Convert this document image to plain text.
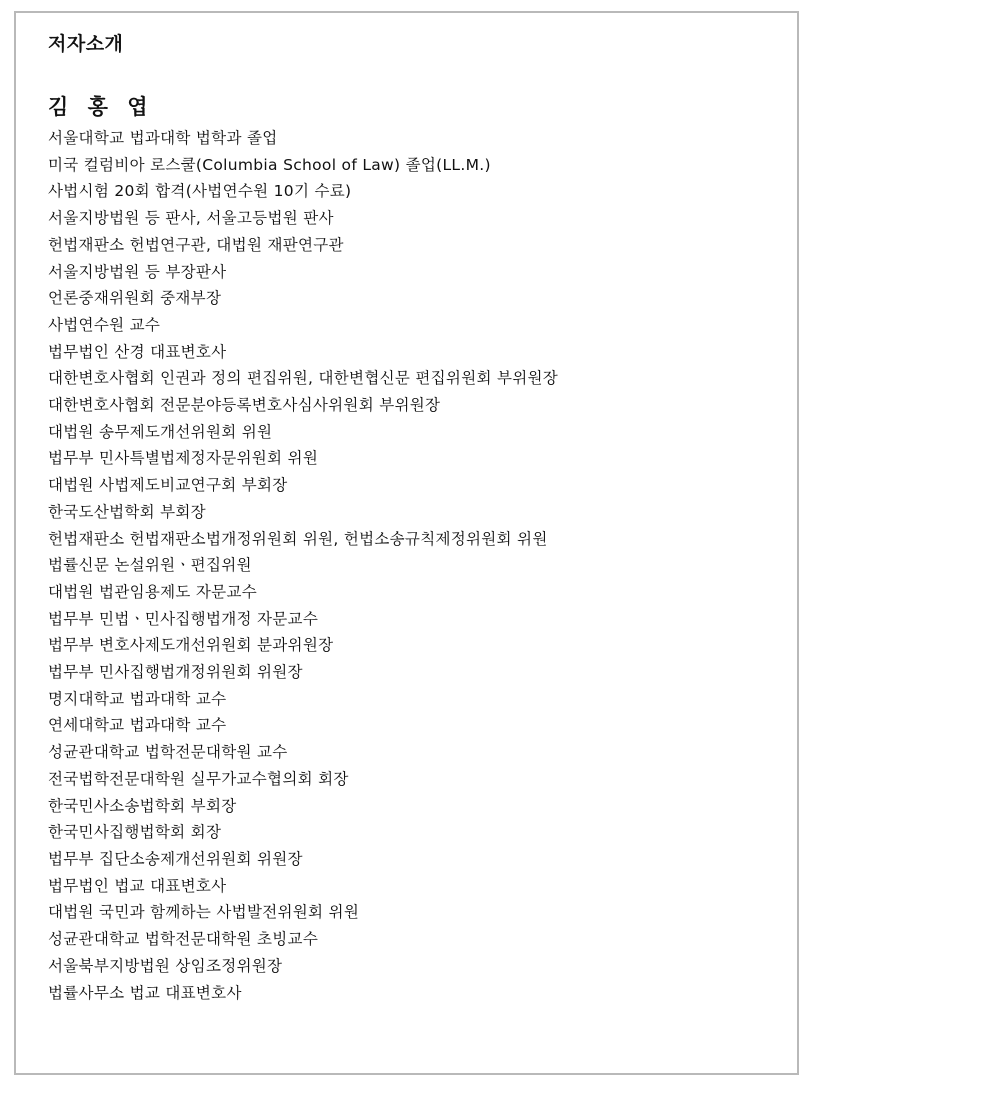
저자소개
김 홍 엽
서울대학교 법과대학 법학과 졸업
미국 컬럼비아 로스쿨(Columbia School of Law) 졸업(LL.M.)
사법시험 20회 합격(사법연수원 10기 수료)
서울지방법원 등 판사, 서울고등법원 판사
헌법재판소 헌법연구관, 대법원 재판연구관
서울지방법원 등 부장판사
언론중재위원회 중재부장
사법연수원 교수
법무법인 산경 대표변호사
대한변호사협회 인권과 정의 편집위원, 대한변협신문 편집위원회 부위원장
대한변호사협회 전문분야등록변호사심사위원회 부위원장
대법원 송무제도개선위원회 위원
법무부 민사특별법제정자문위원회 위원
대법원 사법제도비교연구회 부회장
한국도산법학회 부회장
헌법재판소 헌법재판소법개정위원회 위원, 헌법소송규칙제정위원회 위원
법률신문 논설위원ㆍ편집위원
대법원 법관임용제도 자문교수
법무부 민법ㆍ민사집행법개정 자문교수
법무부 변호사제도개선위원회 분과위원장
법무부 민사집행법개정위원회 위원장
명지대학교 법과대학 교수
연세대학교 법과대학 교수
성균관대학교 법학전문대학원 교수
전국법학전문대학원 실무가교수협의회 회장
한국민사소송법학회 부회장
한국민사집행법학회 회장
법무부 집단소송제개선위원회 위원장
법무법인 법교 대표변호사
대법원 국민과 함께하는 사법발전위원회 위원
성균관대학교 법학전문대학원 초빙교수
서울북부지방법원 상임조정위원장
법률사무소 법교 대표변호사
